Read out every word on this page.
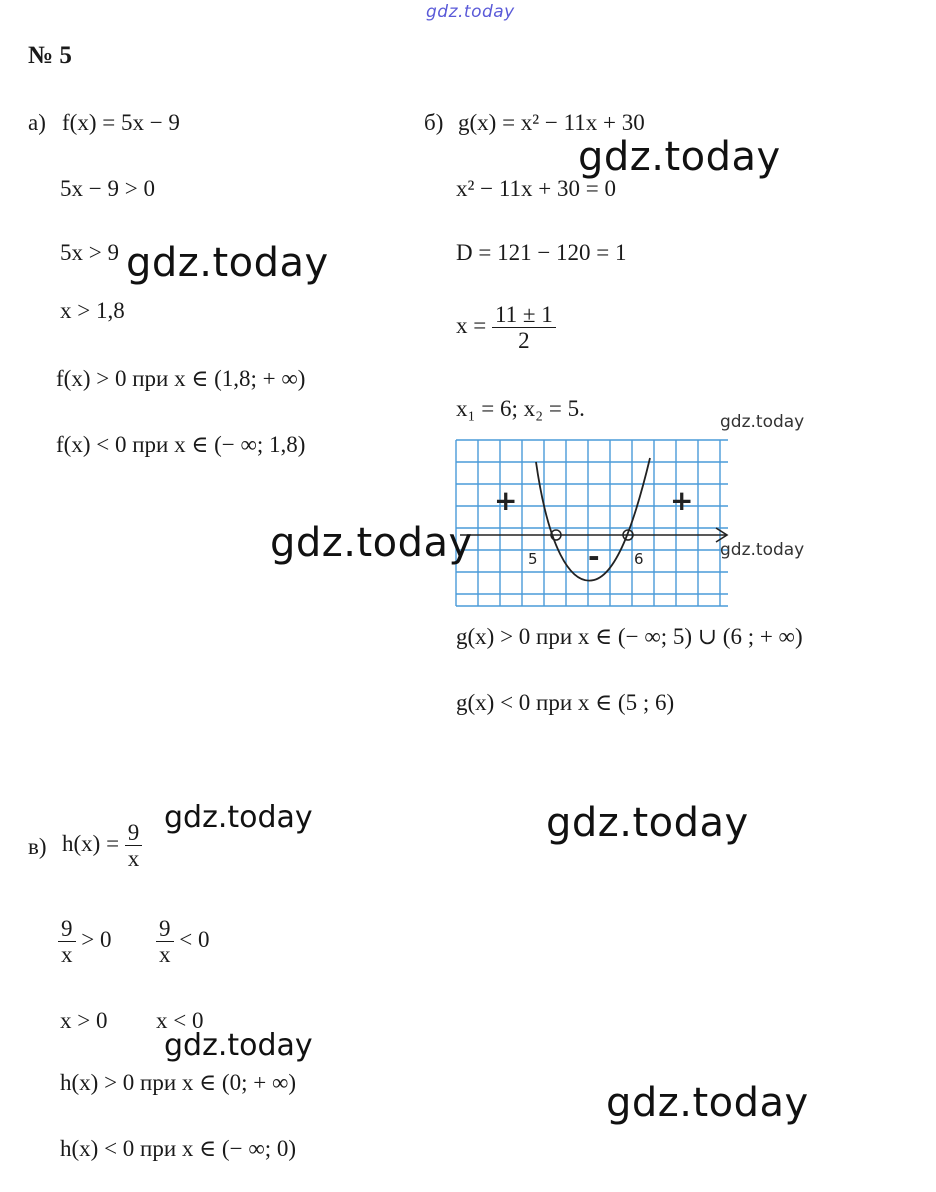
gdz.today
№ 5
а) f(x) = 5x − 9
5x − 9 > 0
5x > 9
x > 1,8
f(x) > 0 при x ∈ (1,8; + ∞)
f(x) < 0 при x ∈ (− ∞; 1,8)
б) g(x) = x² − 11x + 30
x² − 11x + 30 = 0
D = 121 − 120 = 1
$x = \frac{11 \pm 1}{2}$
x₁ = 6; x₂ = 5.
+	+
-
5	6
g(x) > 0 при x ∈ (− ∞; 5) ∪ (6 ; + ∞)
g(x) < 0 при x ∈ (5 ; 6)
в) $h(x) = \frac{9}{x}$
$\frac{9}{x} > 0 \frac{9}{x} < 0$
x > 0 x < 0
h(x) > 0 при x ∈ (0; + ∞)
h(x) < 0 при x ∈ (− ∞; 0)
gdz.today
gdz.today
gdz.today
gdz.today	gdz.today
gdz.today
gdz.today
gdz.today
gdz.today
